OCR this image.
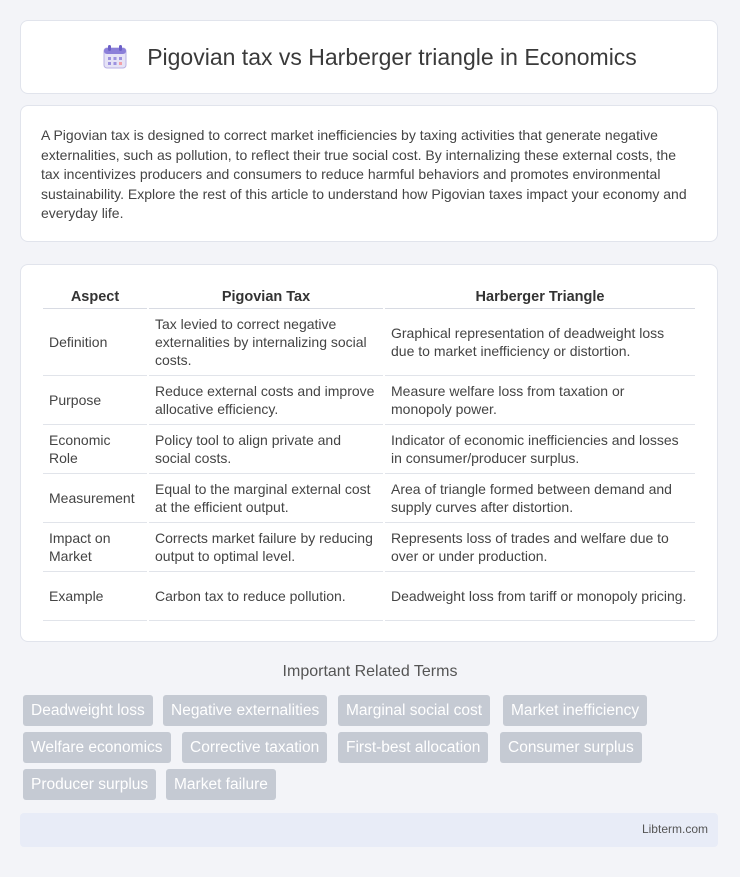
Pigovian tax vs Harberger triangle in Economics

A Pigovian tax is designed to correct market inefficiencies by taxing activities that generate negative externalities, such as pollution, to reflect their true social cost. By internalizing these external costs, the tax incentivizes producers and consumers to reduce harmful behaviors and promotes environmental sustainability. Explore the rest of this article to understand how Pigovian taxes impact your economy and everyday life.

Aspect	Pigovian Tax	Harberger Triangle
Definition	Tax levied to correct negative externalities by internalizing social costs.	Graphical representation of deadweight loss due to market inefficiency or distortion.
Purpose	Reduce external costs and improve allocative efficiency.	Measure welfare loss from taxation or monopoly power.
Economic Role	Policy tool to align private and social costs.	Indicator of economic inefficiencies and losses in consumer/producer surplus.
Measurement	Equal to the marginal external cost at the efficient output.	Area of triangle formed between demand and supply curves after distortion.
Impact on Market	Corrects market failure by reducing output to optimal level.	Represents loss of trades and welfare due to over or under production.
Example	Carbon tax to reduce pollution.	Deadweight loss from tariff or monopoly pricing.
Important Related Terms
Deadweight loss	Negative externalities	Marginal social cost	Market inefficiency
Welfare economics	Corrective taxation	First-best allocation	Consumer surplus
Producer surplus	Market failure
Libterm.com
